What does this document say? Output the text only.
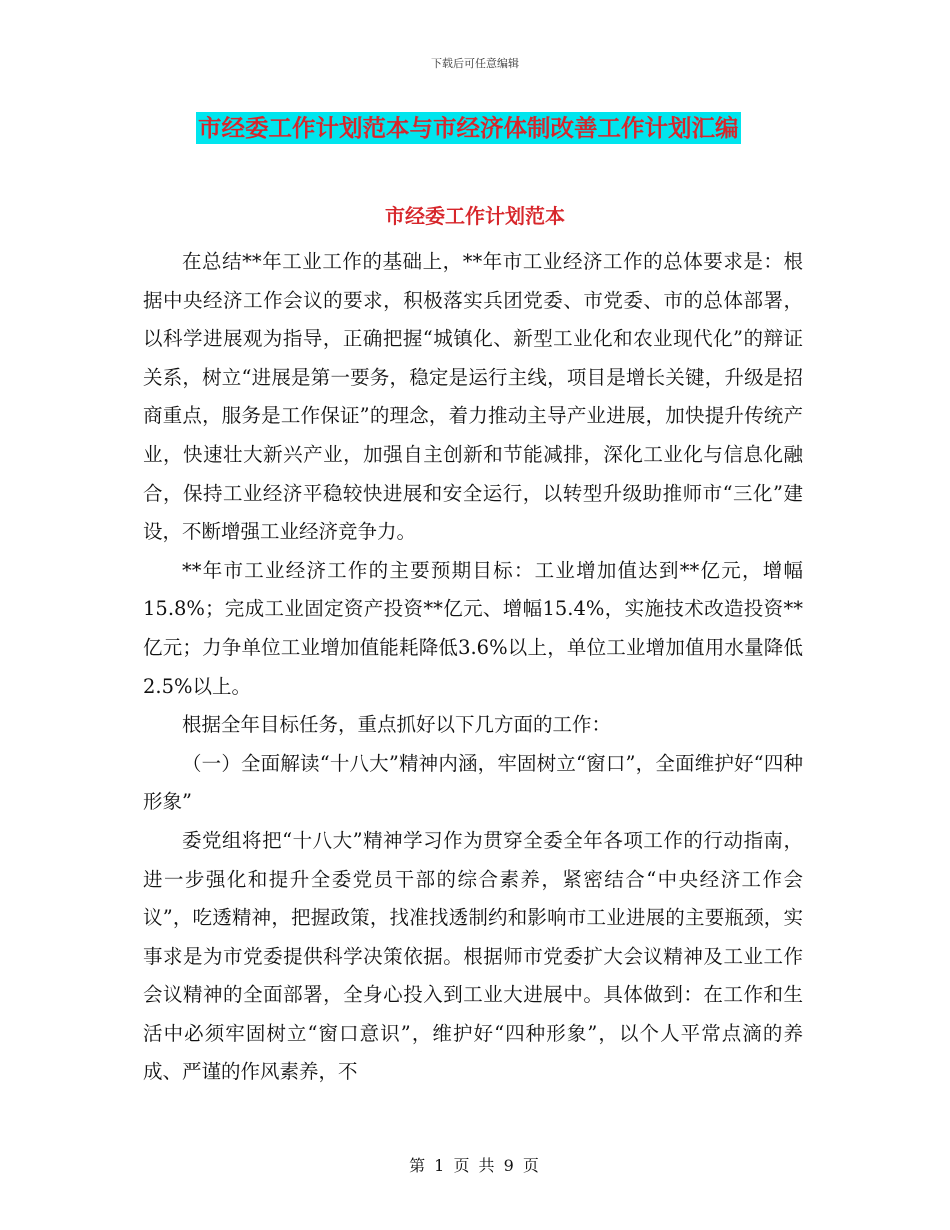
下载后可任意编辑
市经委工作计划范本与市经济体制改善工作计划汇编
市经委工作计划范本

在总结**年工业工作的基础上，**年市工业经济工作的总体要求是：根据中央经济工作会议的要求，积极落实兵团党委、市党委、市的总体部署，以科学进展观为指导，正确把握“城镇化、新型工业化和农业现代化”的辩证关系，树立“进展是第一要务，稳定是运行主线，项目是增长关键，升级是招商重点，服务是工作保证”的理念，着力推动主导产业进展，加快提升传统产业，快速壮大新兴产业，加强自主创新和节能减排，深化工业化与信息化融合，保持工业经济平稳较快进展和安全运行，以转型升级助推师市“三化”建设，不断增强工业经济竞争力。

**年市工业经济工作的主要预期目标：工业增加值达到**亿元，增幅15.8%；完成工业固定资产投资**亿元、增幅15.4%，实施技术改造投资**亿元；力争单位工业增加值能耗降低3.6%以上，单位工业增加值用水量降低2.5%以上。

根据全年目标任务，重点抓好以下几方面的工作：

（一）全面解读“十八大”精神内涵，牢固树立“窗口”，全面维护好“四种形象”

委党组将把“十八大”精神学习作为贯穿全委全年各项工作的行动指南，进一步强化和提升全委党员干部的综合素养，紧密结合“中央经济工作会议”，吃透精神，把握政策，找准找透制约和影响市工业进展的主要瓶颈，实事求是为市党委提供科学决策依据。根据师市党委扩大会议精神及工业工作会议精神的全面部署，全身心投入到工业大进展中。具体做到：在工作和生活中必须牢固树立“窗口意识”，维护好“四种形象”，以个人平常点滴的养成、严谨的作风素养，不

第 1 页 共 9 页
